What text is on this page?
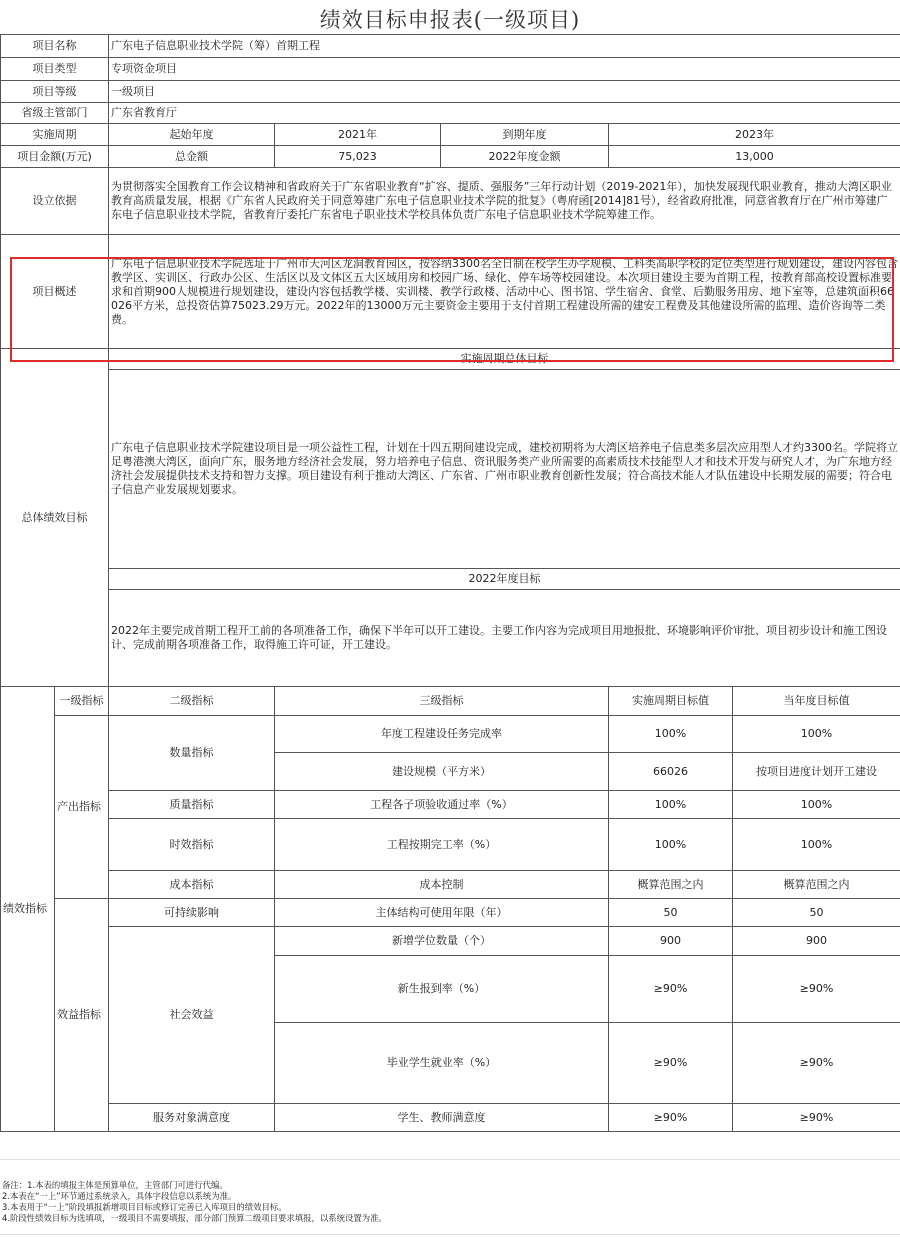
绩效目标申报表(一级项目)
项目名称		广东电子信息职业技术学院（筹）首期工程				
项目类型		专项资金项目				
项目等级		一级项目				
省级主管部门		广东省教育厅				
实施周期		起始年度	2021年	到期年度	2023年	
项目金额(万元)		总金额	75,023	2022年度金额	13,000	
设立依据		为贯彻落实全国教育工作会议精神和省政府关于广东省职业教育“扩容、提质、强服务”三年行动计划（2019-2021年），加快发展现代职业教育，推动大湾区职业教育高质量发展，根据《广东省人民政府关于同意筹建广东电子信息职业技术学院的批复》（粤府函[2014]81号），经省政府批准，同意省教育厅在广州市筹建广东电子信息职业技术学院，省教育厅委托广东省电子职业技术学校具体负责广东电子信息职业技术学院筹建工作。				
项目概述		广东电子信息职业技术学院选址于广州市天河区龙洞教育园区，按容纳3300名全日制在校学生办学规模、工科类高职学校的定位类型进行规划建设，建设内容包含教学区、实训区、行政办公区、生活区以及文体区五大区域用房和校园广场、绿化、停车场等校园建设。本次项目建设主要为首期工程，按教育部高校设置标准要求和首期900人规模进行规划建设，建设内容包括教学楼、实训楼、教学行政楼、活动中心、图书馆、学生宿舍、食堂、后勤服务用房、地下室等，总建筑面积66026平方米，总投资估算75023.29万元。2022年的13000万元主要资金主要用于支付首期工程建设所需的建安工程费及其他建设所需的监理、造价咨询等二类费。				
总体绩效目标		实施周期总体目标				
		广东电子信息职业技术学院建设项目是一项公益性工程，计划在十四五期间建设完成，建校初期将为大湾区培养电子信息类多层次应用型人才约3300名。学院将立足粤港澳大湾区，面向广东，服务地方经济社会发展，努力培养电子信息、资讯服务类产业所需要的高素质技术技能型人才和技术开发与研究人才，为广东地方经济社会发展提供技术支持和智力支撑。项目建设有利于推动大湾区、广东省、广州市职业教育创新性发展；符合高技术能人才队伍建设中长期发展的需要；符合电子信息产业发展规划要求。				
		2022年度目标				
		2022年主要完成首期工程开工前的各项准备工作，确保下半年可以开工建设。主要工作内容为完成项目用地报批、环境影响评价审批、项目初步设计和施工图设计、完成前期各项准备工作，取得施工许可证，开工建设。				
绩效指标	一级指标	二级指标	三级指标		实施周期目标值	当年度目标值
	产出指标	数量指标	年度工程建设任务完成率		100%	100%
			建设规模（平方米）		66026	按项目进度计划开工建设
		质量指标	工程各子项验收通过率（%）		100%	100%
		时效指标	工程按期完工率（%）		100%	100%
		成本指标	成本控制		概算范围之内	概算范围之内
	效益指标	可持续影响	主体结构可使用年限（年）		50	50
		社会效益	新增学位数量（个）		900	900
			新生报到率（%）		≥90%	≥90%
			毕业学生就业率（%）		≥90%	≥90%
		服务对象满意度	学生、教师满意度		≥90%	≥90%
备注：1.本表的填报主体是预算单位，主管部门可进行代编。
2.本表在“一上”环节通过系统录入，具体字段信息以系统为准。
3.本表用于“一上”阶段填报新增项目目标或修订完善已入库项目的绩效目标。
4.阶段性绩效目标为选填项，一级项目不需要填报，部分部门预算二级项目要求填报，以系统设置为准。
